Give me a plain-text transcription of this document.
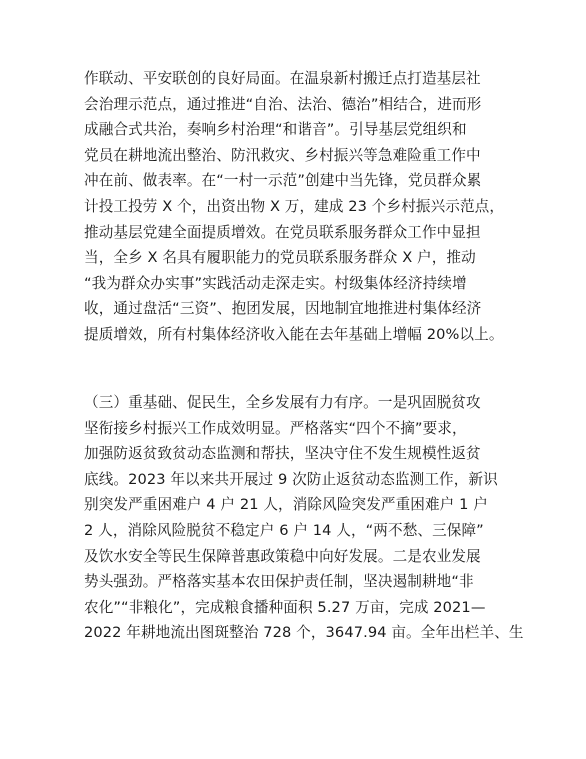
作联动、平安联创的良好局面。在温泉新村搬迁点打造基层社
会治理示范点，通过推进“自治、法治、德治”相结合，进而形
成融合式共治，奏响乡村治理“和谐音”。引导基层党组织和
党员在耕地流出整治、防汛救灾、乡村振兴等急难险重工作中
冲在前、做表率。在“一村一示范”创建中当先锋，党员群众累
计投工投劳 X 个，出资出物 X 万，建成 23 个乡村振兴示范点，
推动基层党建全面提质增效。在党员联系服务群众工作中显担
当，全乡 X 名具有履职能力的党员联系服务群众 X 户，推动
“我为群众办实事”实践活动走深走实。村级集体经济持续增
收，通过盘活“三资”、抱团发展，因地制宜地推进村集体经济
提质增效，所有村集体经济收入能在去年基础上增幅 20%以上。
（三）重基础、促民生，全乡发展有力有序。一是巩固脱贫攻
坚衔接乡村振兴工作成效明显。严格落实“四个不摘”要求，
加强防返贫致贫动态监测和帮扶，坚决守住不发生规模性返贫
底线。2023 年以来共开展过 9 次防止返贫动态监测工作，新识
别突发严重困难户 4 户 21 人，消除风险突发严重困难户 1 户
2 人，消除风险脱贫不稳定户 6 户 14 人，“两不愁、三保障”
及饮水安全等民生保障普惠政策稳中向好发展。二是农业发展
势头强劲。严格落实基本农田保护责任制，坚决遏制耕地“非
农化”“非粮化”，完成粮食播种面积 5.27 万亩，完成 2021—
2022 年耕地流出图斑整治 728 个，3647.94 亩。全年出栏羊、生
